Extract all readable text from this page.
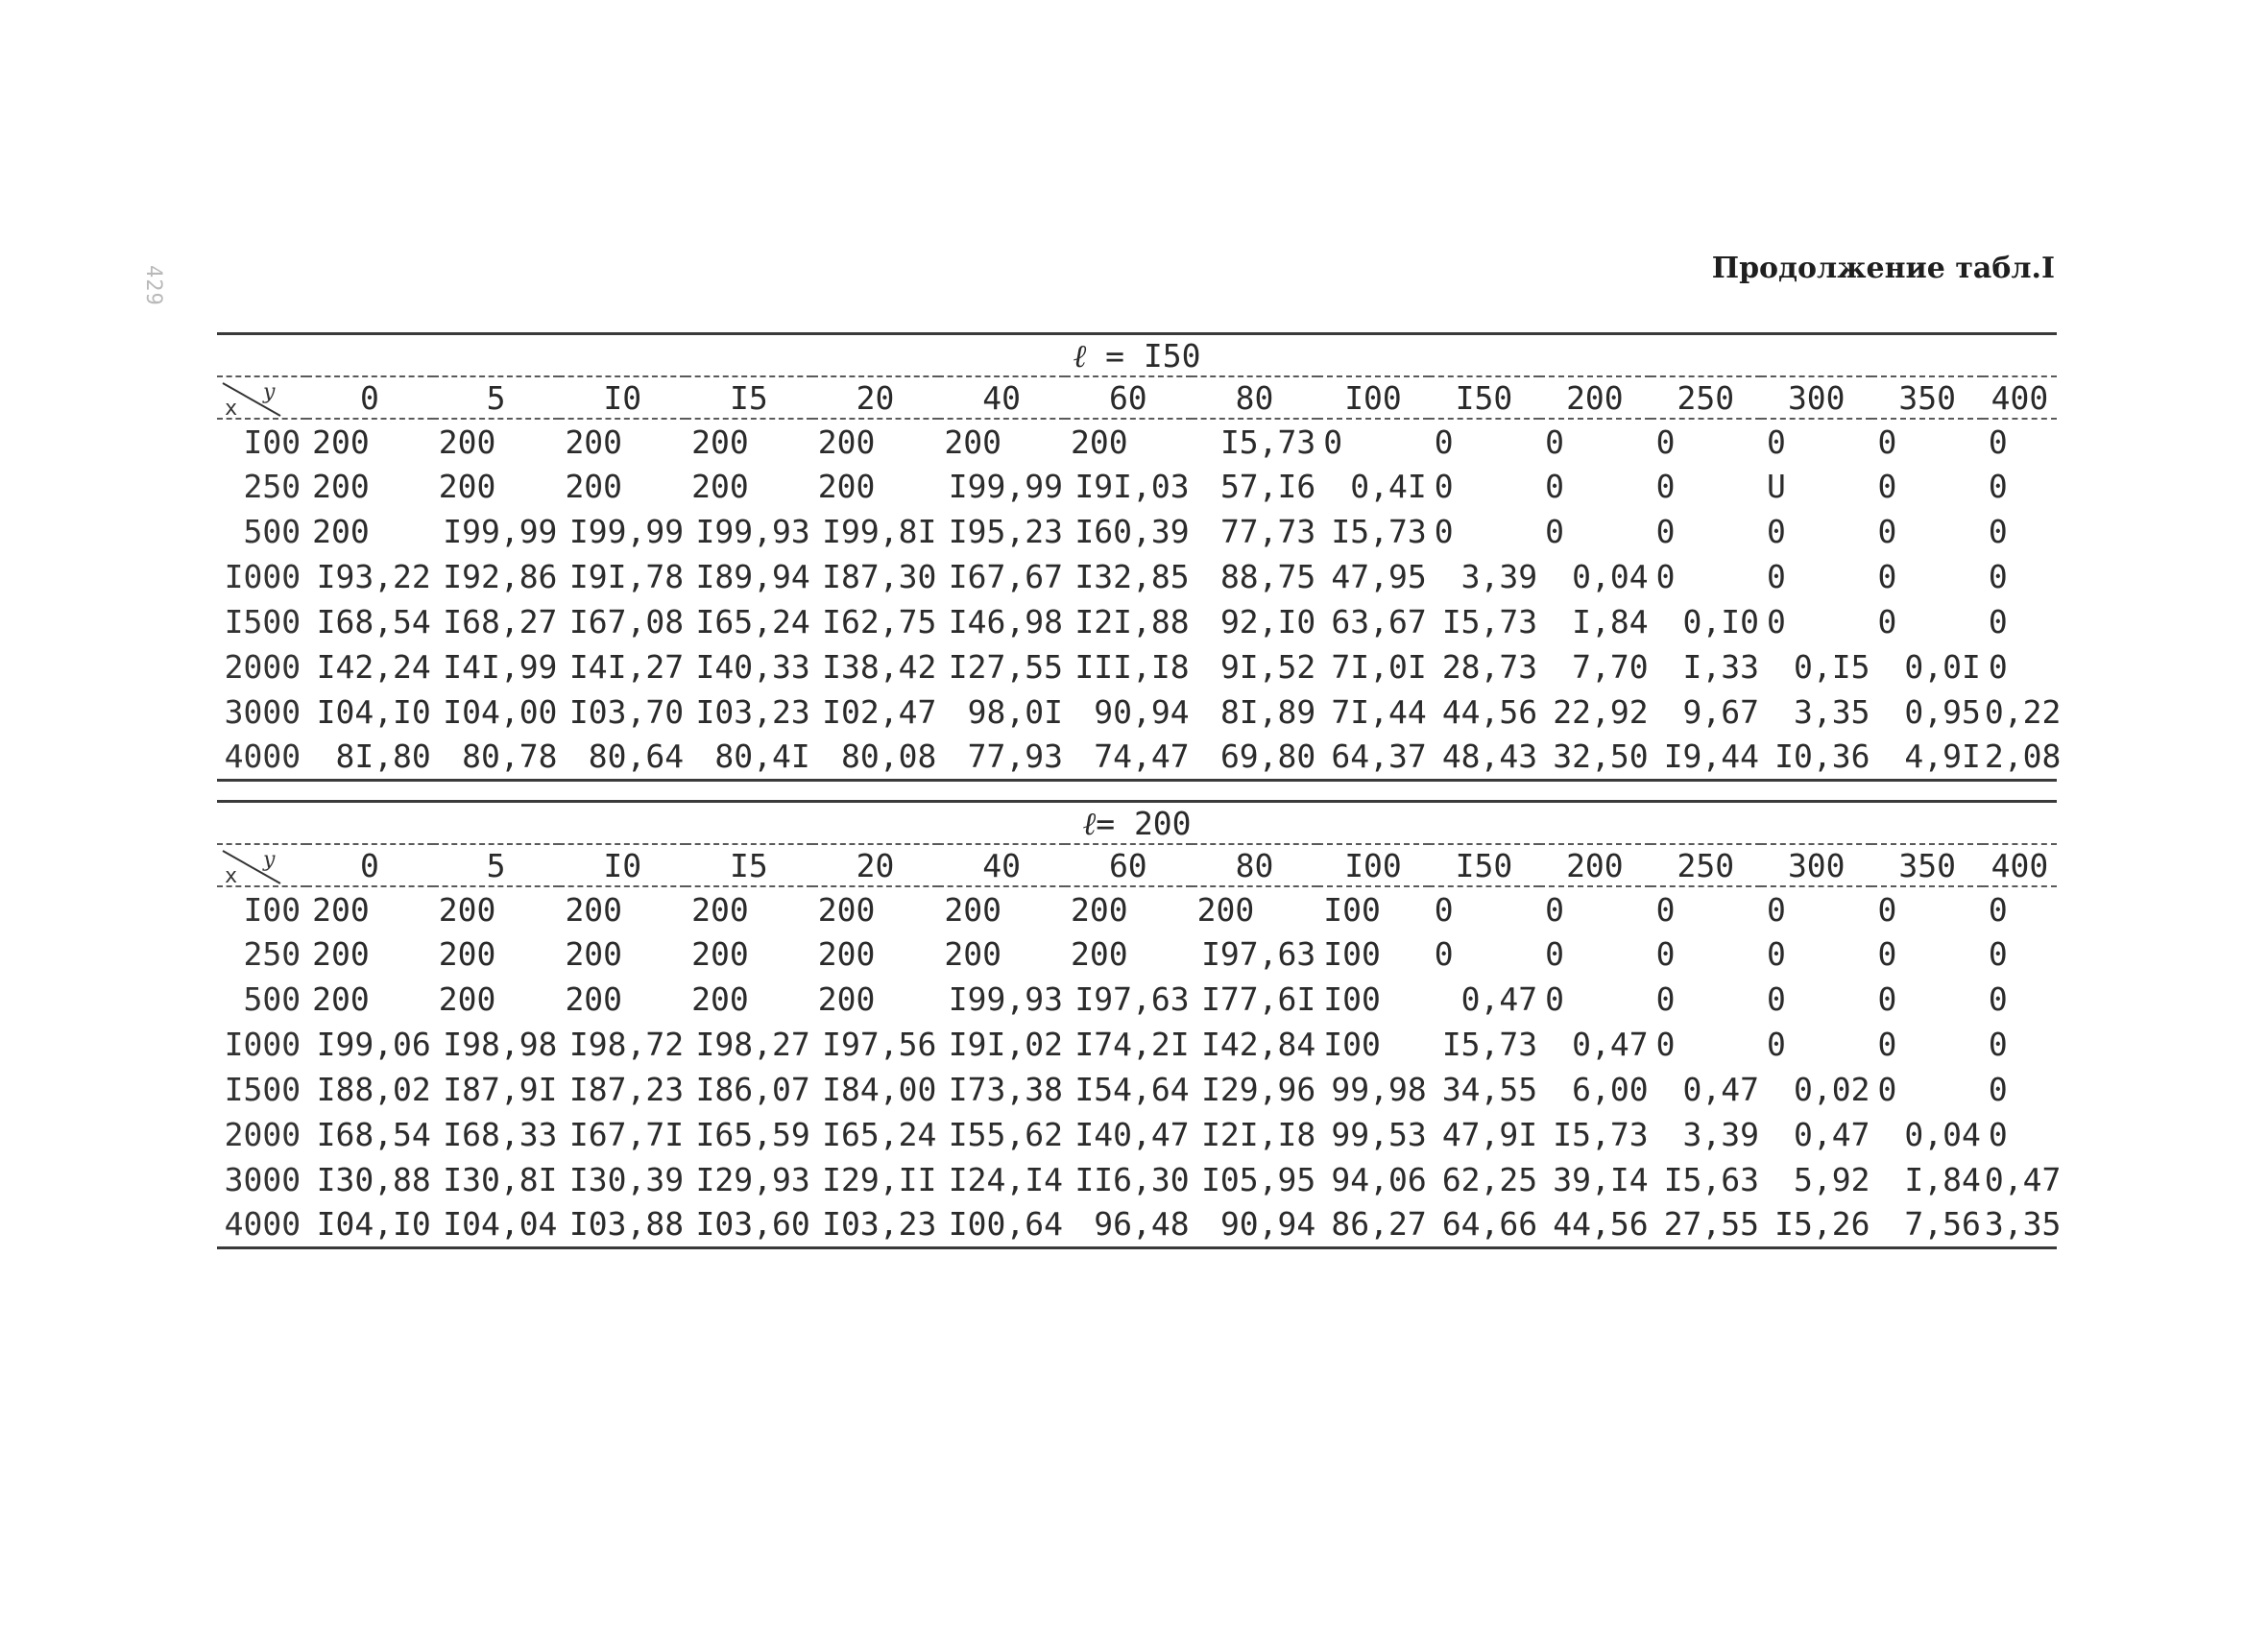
429	Продолжение табл.I
ℓ = I50
x
y	0	5	I0	I5	20	40	60	80	I00	I50	200	250	300	350	400
I00	200	200	200	200	200	200	200	I5,73	0	0	0	0	0	0	0
250	200	200	200	200	200	I99,99	I9I,03	57,I6	0,4I	0	0	0	U	0	0
500	200	I99,99	I99,99	I99,93	I99,8I	I95,23	I60,39	77,73	I5,73	0	0	0	0	0	0
I000	I93,22	I92,86	I9I,78	I89,94	I87,30	I67,67	I32,85	88,75	47,95	3,39	0,04	0	0	0	0
I500	I68,54	I68,27	I67,08	I65,24	I62,75	I46,98	I2I,88	92,I0	63,67	I5,73	I,84	0,I0	0	0	0
2000	I42,24	I4I,99	I4I,27	I40,33	I38,42	I27,55	III,I8	9I,52	7I,0I	28,73	7,70	I,33	0,I5	0,0I	0
3000	I04,I0	I04,00	I03,70	I03,23	I02,47	98,0I	90,94	8I,89	7I,44	44,56	22,92	9,67	3,35	0,95	0,22
4000	8I,80	80,78	80,64	80,4I	80,08	77,93	74,47	69,80	64,37	48,43	32,50	I9,44	I0,36	4,9I	2,08
ℓ= 200
x
y	0	5	I0	I5	20	40	60	80	I00	I50	200	250	300	350	400
I00	200	200	200	200	200	200	200	200	I00	0	0	0	0	0	0
250	200	200	200	200	200	200	200	I97,63	I00	0	0	0	0	0	0
500	200	200	200	200	200	I99,93	I97,63	I77,6I	I00	0,47	0	0	0	0	0
I000	I99,06	I98,98	I98,72	I98,27	I97,56	I9I,02	I74,2I	I42,84	I00	I5,73	0,47	0	0	0	0
I500	I88,02	I87,9I	I87,23	I86,07	I84,00	I73,38	I54,64	I29,96	99,98	34,55	6,00	0,47	0,02	0	0
2000	I68,54	I68,33	I67,7I	I65,59	I65,24	I55,62	I40,47	I2I,I8	99,53	47,9I	I5,73	3,39	0,47	0,04	0
3000	I30,88	I30,8I	I30,39	I29,93	I29,II	I24,I4	II6,30	I05,95	94,06	62,25	39,I4	I5,63	5,92	I,84	0,47
4000	I04,I0	I04,04	I03,88	I03,60	I03,23	I00,64	96,48	90,94	86,27	64,66	44,56	27,55	I5,26	7,56	3,35
